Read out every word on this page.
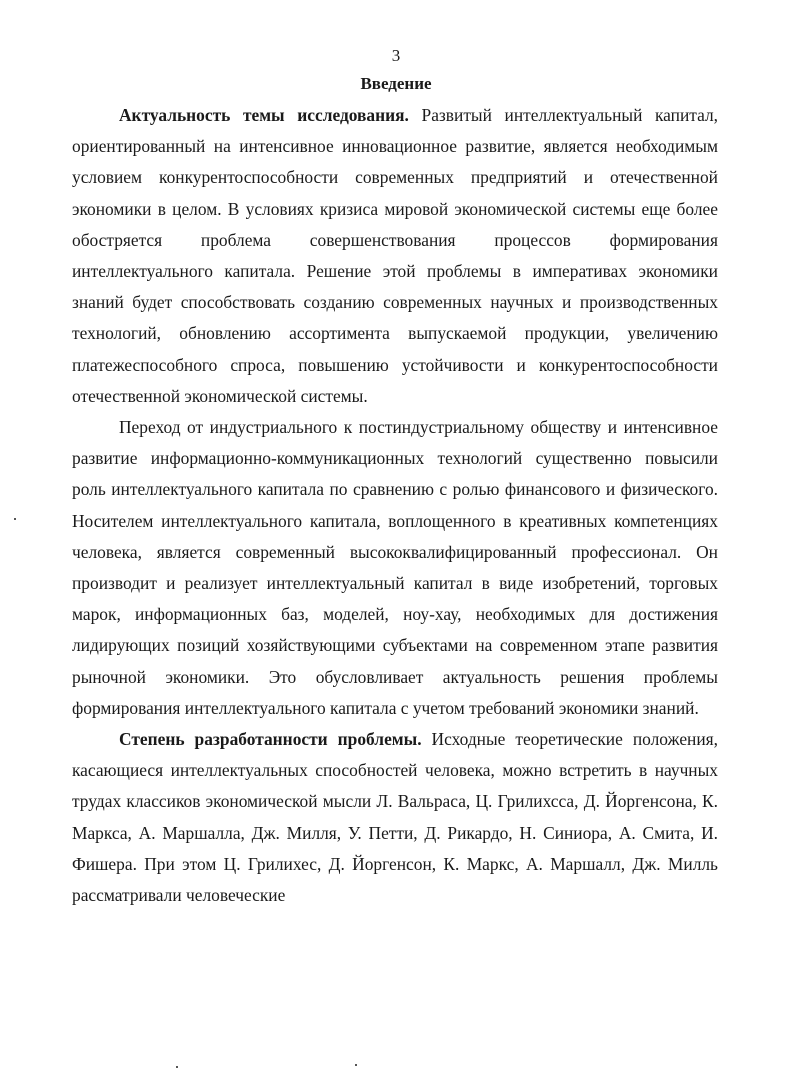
3
Введение

Актуальность темы исследования. Развитый интеллектуальный капитал, ориентированный на интенсивное инновационное развитие, является необходимым условием конкурентоспособности современных предприятий и отечественной экономики в целом. В условиях кризиса мировой экономической системы еще более обостряется проблема совершенствования процессов формирования интеллектуального капитала. Решение этой проблемы в императивах экономики знаний будет способствовать созданию современных научных и производственных технологий, обновлению ассортимента выпускаемой продукции, увеличению платежеспособного спроса, повышению устойчивости и конкурентоспособности отечественной экономической системы.

Переход от индустриального к постиндустриальному обществу и интенсивное развитие информационно-коммуникационных технологий существенно повысили роль интеллектуального капитала по сравнению с ролью финансового и физического. Носителем интеллектуального капитала, воплощенного в креативных компетенциях человека, является современный высококвалифицированный профессионал. Он производит и реализует интеллектуальный капитал в виде изобретений, торговых марок, информационных баз, моделей, ноу-хау, необходимых для достижения лидирующих позиций хозяйствующими субъектами на современном этапе развития рыночной экономики. Это обусловливает актуальность решения проблемы формирования интеллектуального капитала с учетом требований экономики знаний.

Степень разработанности проблемы. Исходные теоретические положения, касающиеся интеллектуальных способностей человека, можно встретить в научных трудах классиков экономической мысли Л. Вальраса, Ц. Грилихсса, Д. Йоргенсона, К. Маркса, А. Маршалла, Дж. Милля, У. Петти, Д. Рикардо, Н. Синиора, А. Смита, И. Фишера. При этом Ц. Грилихес, Д. Йоргенсон, К. Маркс, А. Маршалл, Дж. Милль рассматривали человеческие
